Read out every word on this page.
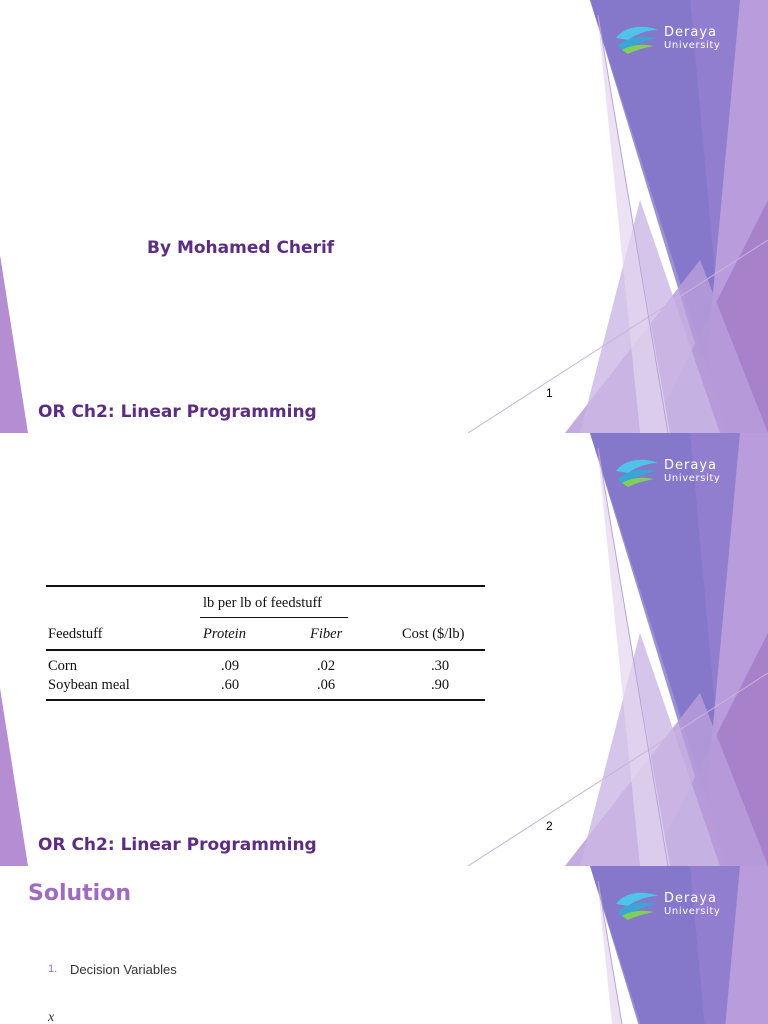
Deraya
University
By Mohamed Cherif
1
OR Ch2: Linear Programming
Deraya
University
lb per lb of feedstuff
Feedstuff	Protein	Fiber	Cost ($/lb)
Corn	.09	.02	.30
Soybean meal	.60	.06	.90
2
OR Ch2: Linear Programming
Deraya
University
Solution
1. Decision Variables
x
